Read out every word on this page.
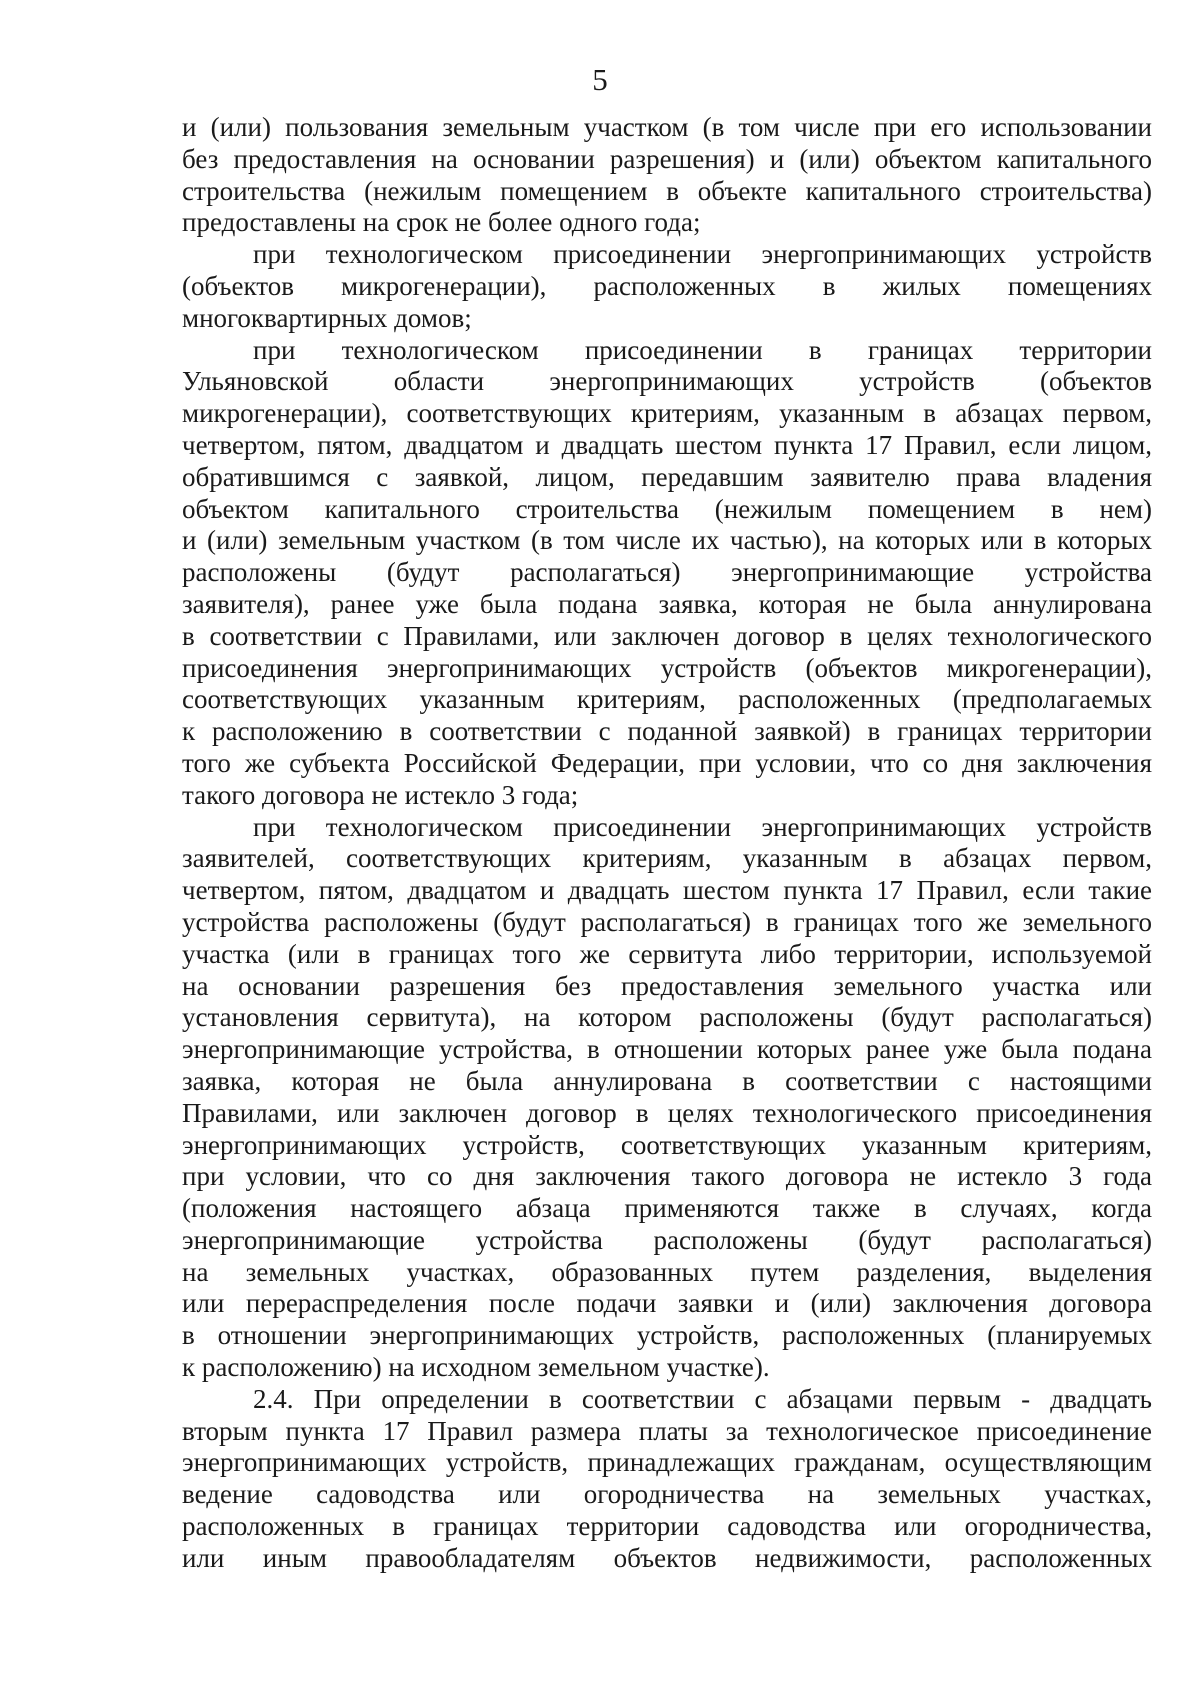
5
и (или) пользования земельным участком (в том числе при его использовании
без предоставления на основании разрешения) и (или) объектом капитального
строительства (нежилым помещением в объекте капитального строительства)
предоставлены на срок не более одного года;
при технологическом присоединении энергопринимающих устройств
(объектов микрогенерации), расположенных в жилых помещениях
многоквартирных домов;
при технологическом присоединении в границах территории
Ульяновской области энергопринимающих устройств (объектов
микрогенерации), соответствующих критериям, указанным в абзацах первом,
четвертом, пятом, двадцатом и двадцать шестом пункта 17 Правил, если лицом,
обратившимся с заявкой, лицом, передавшим заявителю права владения
объектом капитального строительства (нежилым помещением в нем)
и (или) земельным участком (в том числе их частью), на которых или в которых
расположены (будут располагаться) энергопринимающие устройства
заявителя), ранее уже была подана заявка, которая не была аннулирована
в соответствии с Правилами, или заключен договор в целях технологического
присоединения энергопринимающих устройств (объектов микрогенерации),
соответствующих указанным критериям, расположенных (предполагаемых
к расположению в соответствии с поданной заявкой) в границах территории
того же субъекта Российской Федерации, при условии, что со дня заключения
такого договора не истекло 3 года;
при технологическом присоединении энергопринимающих устройств
заявителей, соответствующих критериям, указанным в абзацах первом,
четвертом, пятом, двадцатом и двадцать шестом пункта 17 Правил, если такие
устройства расположены (будут располагаться) в границах того же земельного
участка (или в границах того же сервитута либо территории, используемой
на основании разрешения без предоставления земельного участка или
установления сервитута), на котором расположены (будут располагаться)
энергопринимающие устройства, в отношении которых ранее уже была подана
заявка, которая не была аннулирована в соответствии с настоящими
Правилами, или заключен договор в целях технологического присоединения
энергопринимающих устройств, соответствующих указанным критериям,
при условии, что со дня заключения такого договора не истекло 3 года
(положения настоящего абзаца применяются также в случаях, когда
энергопринимающие устройства расположены (будут располагаться)
на земельных участках, образованных путем разделения, выделения
или перераспределения после подачи заявки и (или) заключения договора
в отношении энергопринимающих устройств, расположенных (планируемых
к расположению) на исходном земельном участке).
2.4. При определении в соответствии с абзацами первым - двадцать
вторым пункта 17 Правил размера платы за технологическое присоединение
энергопринимающих устройств, принадлежащих гражданам, осуществляющим
ведение садоводства или огородничества на земельных участках,
расположенных в границах территории садоводства или огородничества,
или иным правообладателям объектов недвижимости, расположенных
